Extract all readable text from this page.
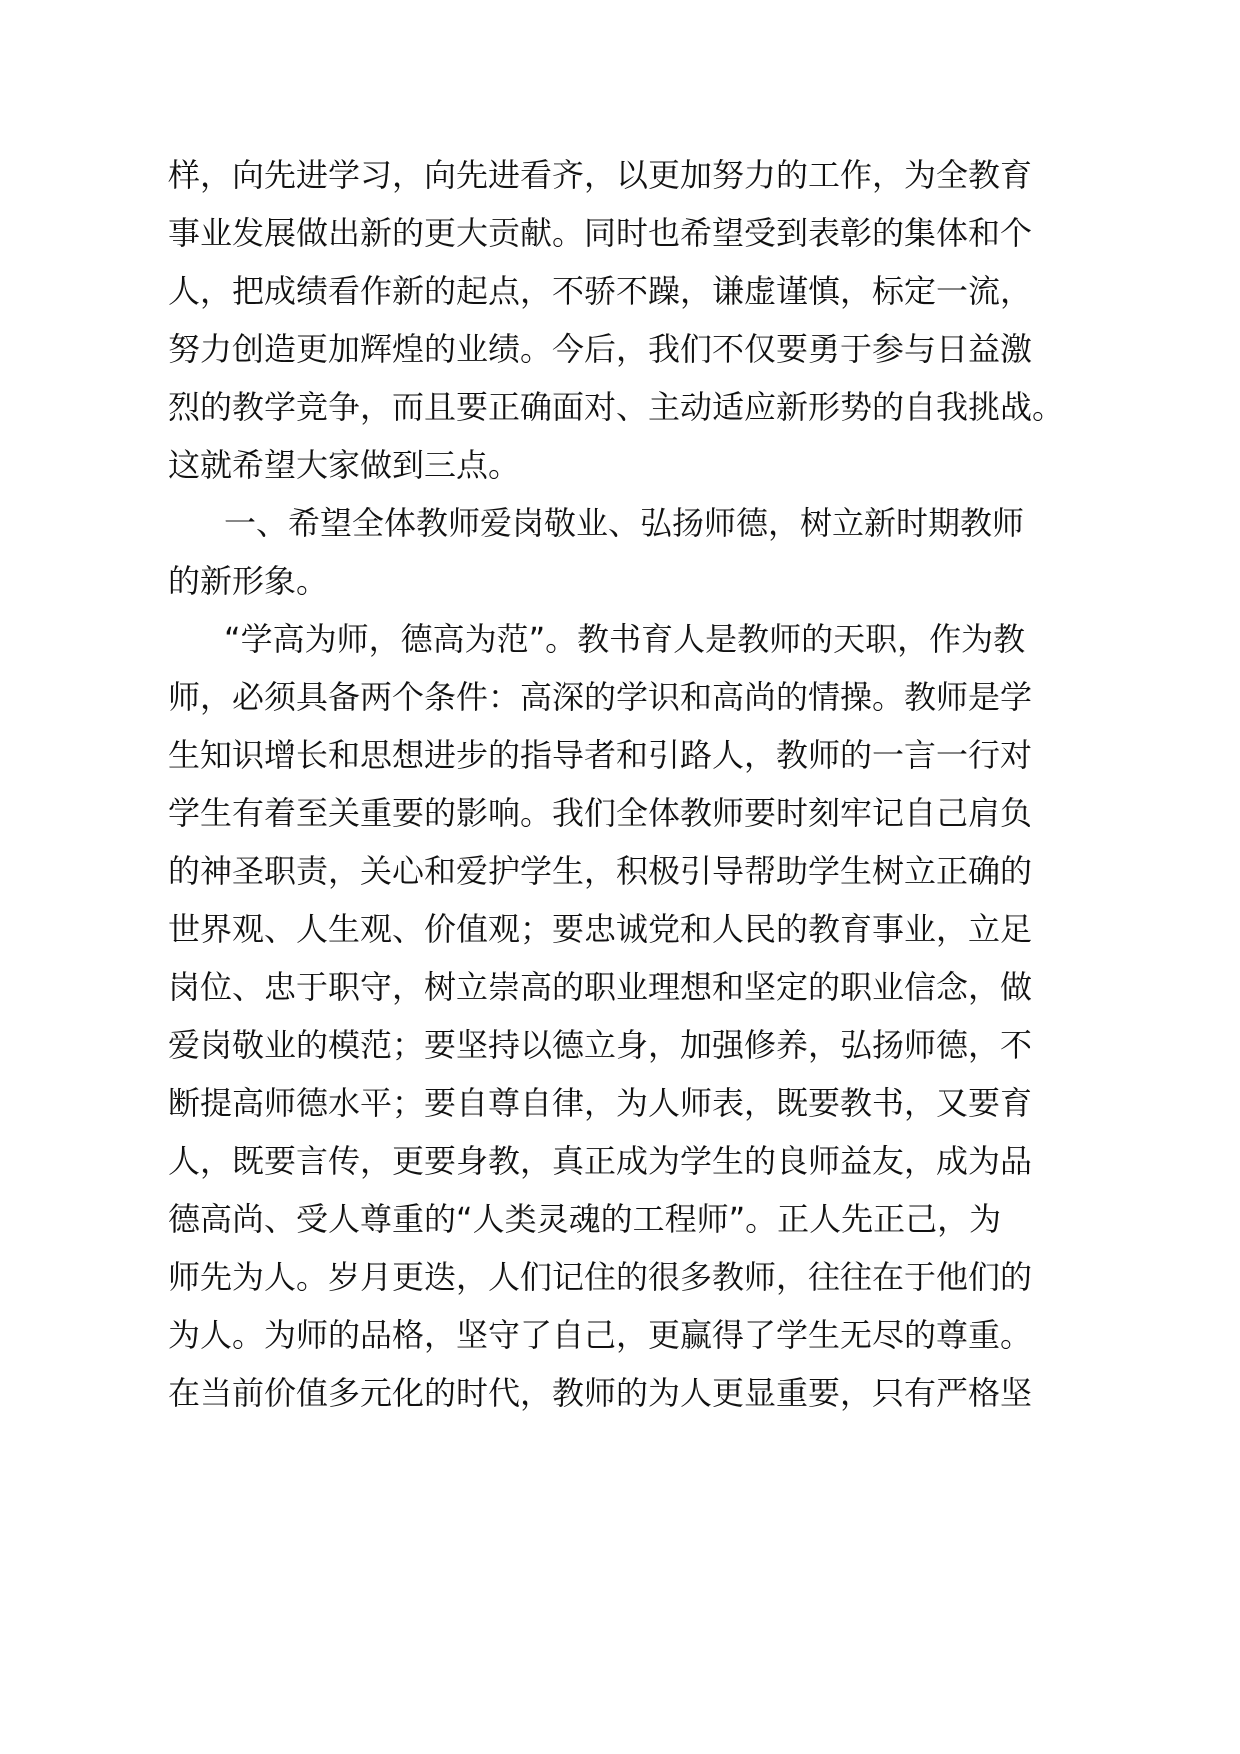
样，向先进学习，向先进看齐，以更加努力的工作，为全教育
事业发展做出新的更大贡献。同时也希望受到表彰的集体和个
人，把成绩看作新的起点，不骄不躁，谦虚谨慎，标定一流，
努力创造更加辉煌的业绩。今后，我们不仅要勇于参与日益激
烈的教学竞争，而且要正确面对、主动适应新形势的自我挑战。
这就希望大家做到三点。
一、希望全体教师爱岗敬业、弘扬师德，树立新时期教师
的新形象。
“学高为师，德高为范”。教书育人是教师的天职，作为教
师，必须具备两个条件：高深的学识和高尚的情操。教师是学
生知识增长和思想进步的指导者和引路人，教师的一言一行对
学生有着至关重要的影响。我们全体教师要时刻牢记自己肩负
的神圣职责，关心和爱护学生，积极引导帮助学生树立正确的
世界观、人生观、价值观；要忠诚党和人民的教育事业，立足
岗位、忠于职守，树立崇高的职业理想和坚定的职业信念，做
爱岗敬业的模范；要坚持以德立身，加强修养，弘扬师德，不
断提高师德水平；要自尊自律，为人师表，既要教书，又要育
人，既要言传，更要身教，真正成为学生的良师益友，成为品
德高尚、受人尊重的“人类灵魂的工程师”。正人先正己，为
师先为人。岁月更迭，人们记住的很多教师，往往在于他们的
为人。为师的品格，坚守了自己，更赢得了学生无尽的尊重。
在当前价值多元化的时代，教师的为人更显重要，只有严格坚
